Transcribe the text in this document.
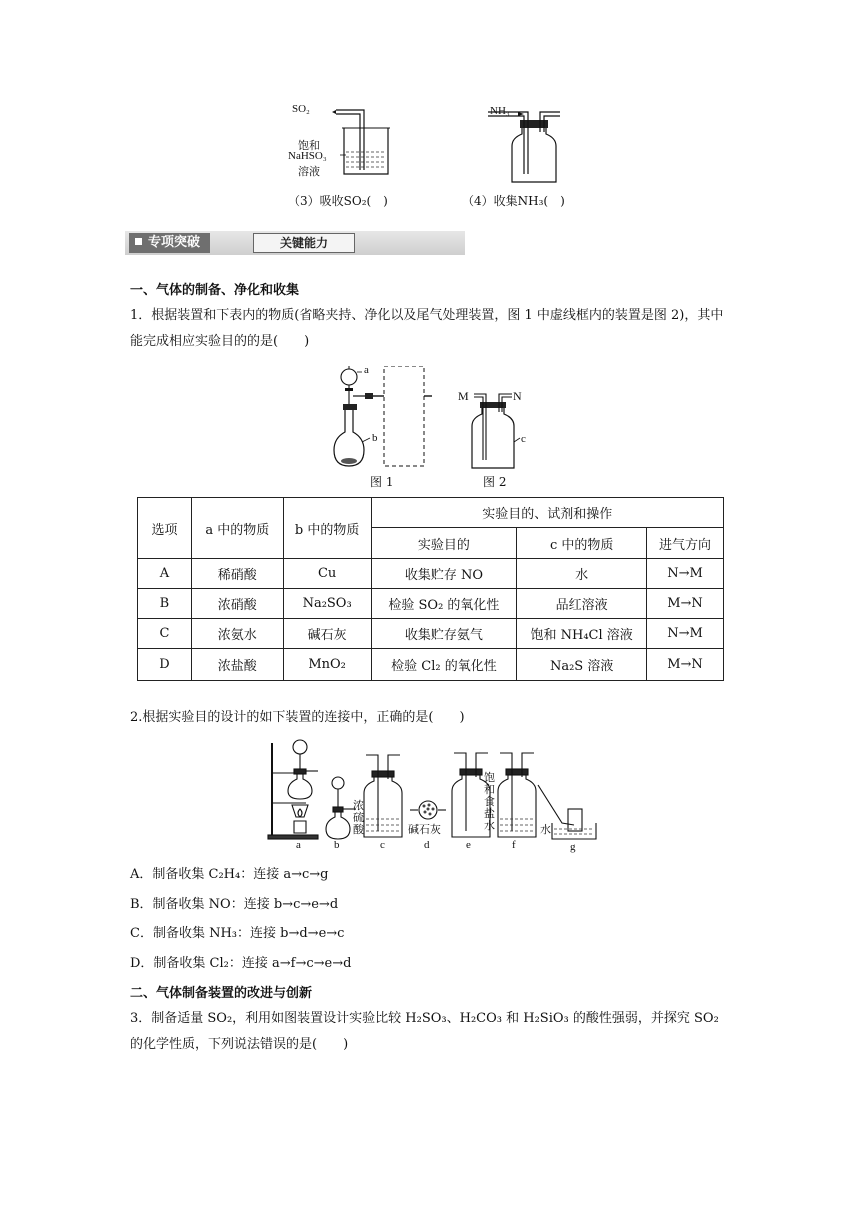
SO₂
饱和
NaHSO₃
溶液
（3）吸收SO₂(　)
NH₃
（4）收集NH₃(　)
专项突破	关键能力
一、气体的制备、净化和收集
1．根据装置和下表内的物质(省略夹持、净化以及尾气处理装置，图 1 中虚线框内的装置是图 2)，其中能完成相应实验目的的是(　　)
a
b
图 1
M	N
c
图 2
选项	a 中的物质	b 中的物质	实验目的、试剂和操作		
			实验目的	c 中的物质	进气方向
A	稀硝酸	Cu	收集贮存 NO	水	N→M
B	浓硝酸	Na₂SO₃	检验 SO₂ 的氧化性	品红溶液	M→N
C	浓氨水	碱石灰	收集贮存氨气	饱和 NH₄Cl 溶液	N→M
D	浓盐酸	MnO₂	检验 Cl₂ 的氧化性	Na₂S 溶液	M→N
2.根据实验目的设计的如下装置的连接中，正确的是(　　)
a	b	c	d	e	f	g
浓硫酸	碱石灰
饱和食盐水	水
A．制备收集 C₂H₄：连接 a→c→g
B．制备收集 NO：连接 b→c→e→d
C．制备收集 NH₃：连接 b→d→e→c
D．制备收集 Cl₂：连接 a→f→c→e→d
二、气体制备装置的改进与创新
3．制备适量 SO₂，利用如图装置设计实验比较 H₂SO₃、H₂CO₃ 和 H₂SiO₃ 的酸性强弱，并探究 SO₂ 的化学性质，下列说法错误的是(　　)
